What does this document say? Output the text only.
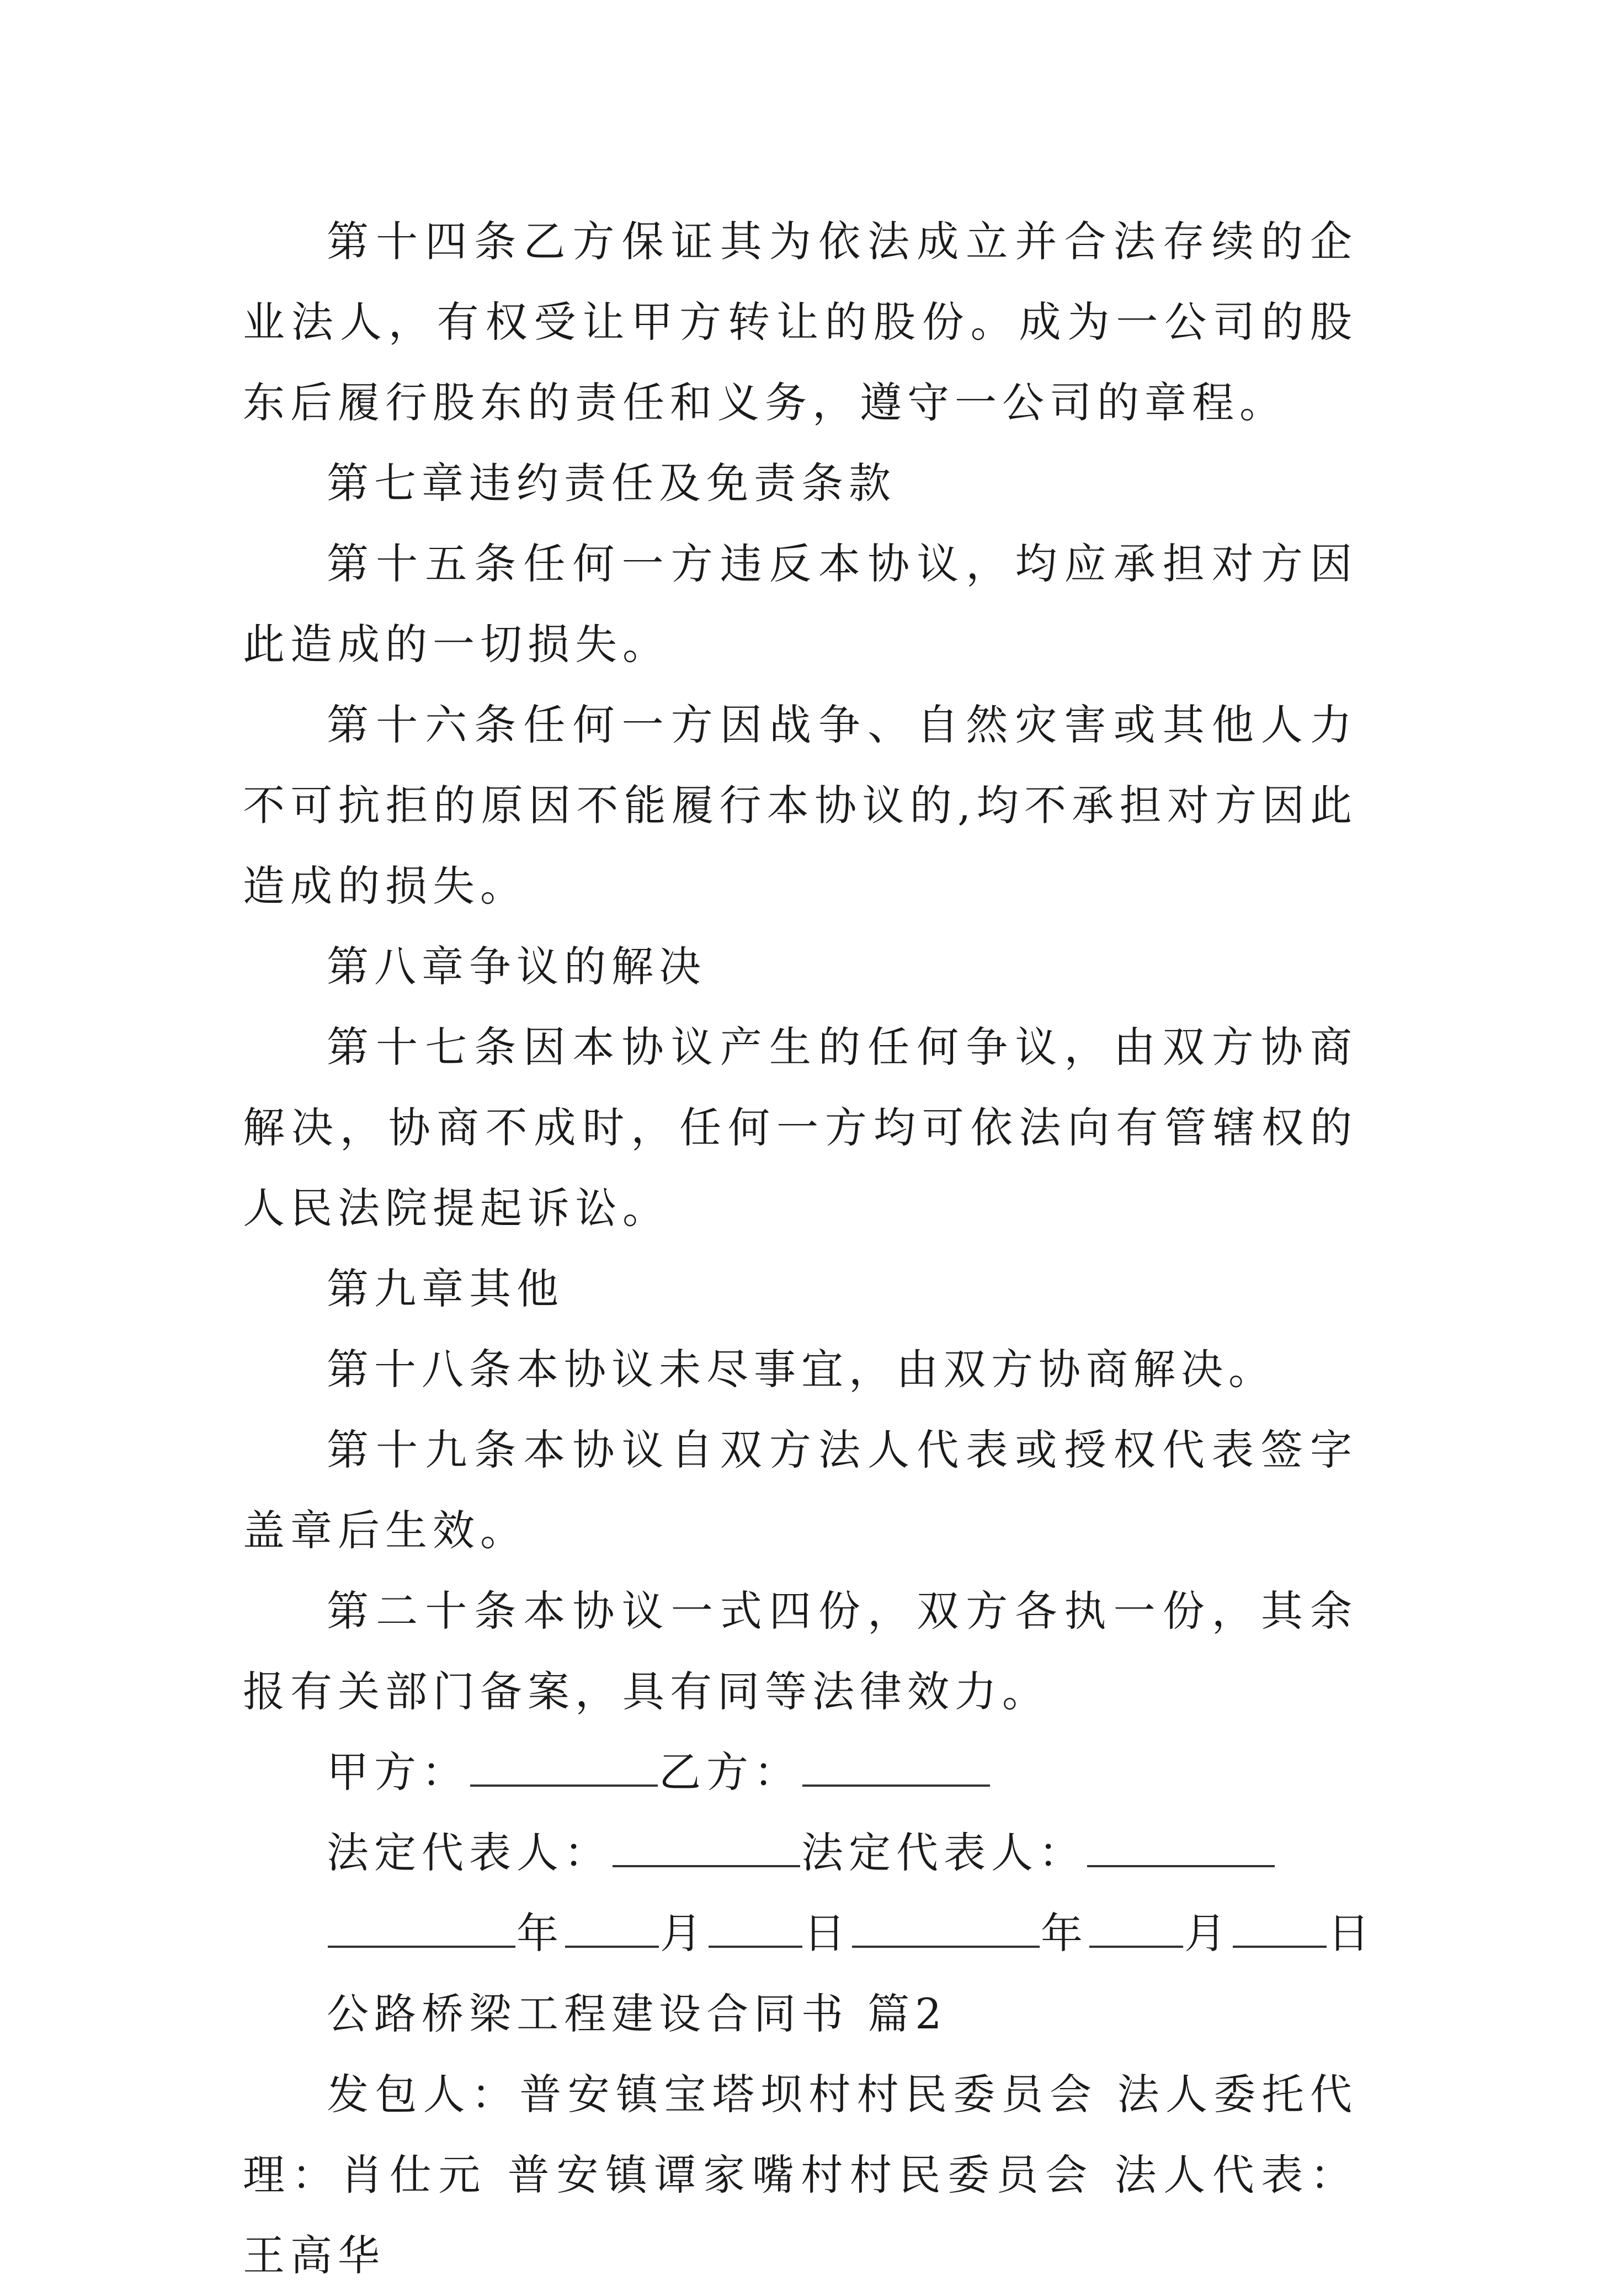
第十四条乙方保证其为依法成立并合法存续的企业法人，有权受让甲方转让的股份。成为一公司的股东后履行股东的责任和义务，遵守一公司的章程。

第七章违约责任及免责条款

第十五条任何一方违反本协议，均应承担对方因此造成的一切损失。

第十六条任何一方因战争、自然灾害或其他人力不可抗拒的原因不能履行本协议的,均不承担对方因此造成的损失。

第八章争议的解决

第十七条因本协议产生的任何争议，由双方协商解决，协商不成时，任何一方均可依法向有管辖权的人民法院提起诉讼。

第九章其他

第十八条本协议未尽事宜，由双方协商解决。

第十九条本协议自双方法人代表或授权代表签字盖章后生效。

第二十条本协议一式四份，双方各执一份，其余报有关部门备案，具有同等法律效力。

甲方：	乙方：

法定代表人：	法定代表人：

年 月 日	年 月 日

公路桥梁工程建设合同书 篇2

发包人：普安镇宝塔坝村村民委员会 法人委托代理：肖仕元 普安镇谭家嘴村村民委员会 法人代表：王高华
